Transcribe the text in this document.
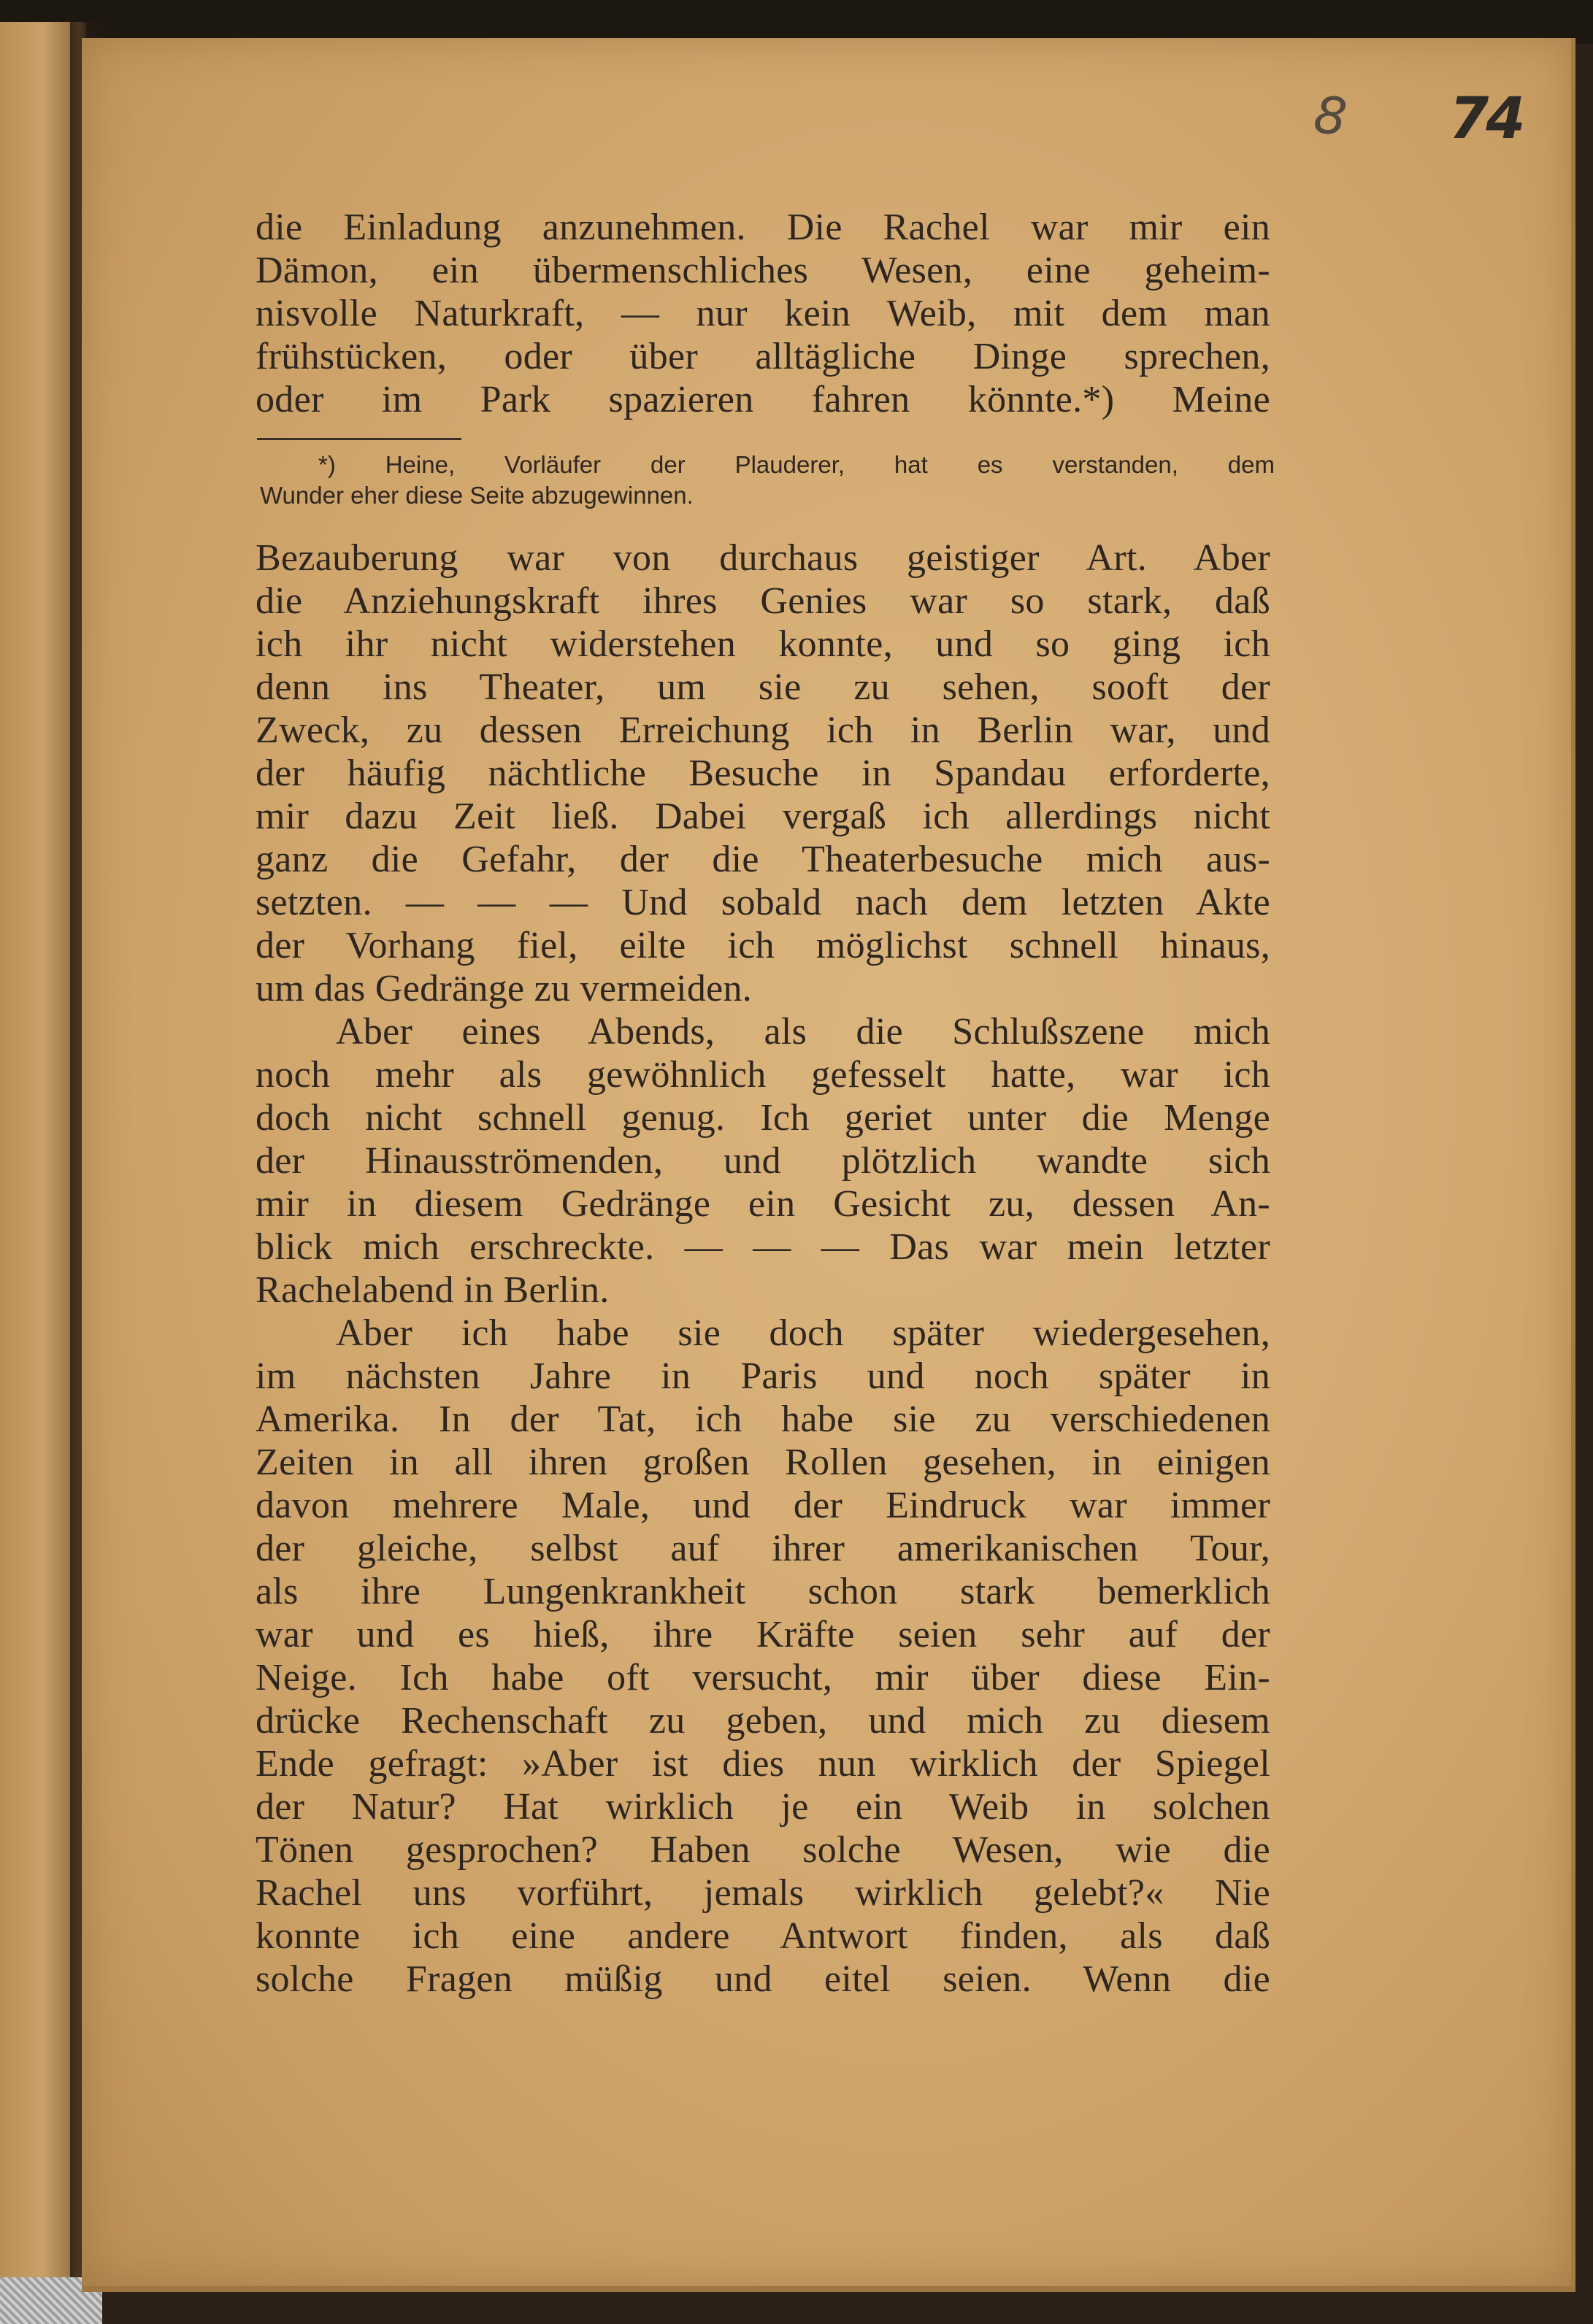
8 74
die Einladung anzunehmen. Die Rachel war mir ein
Dämon, ein übermenschliches Wesen, eine geheim-
nisvolle Naturkraft, — nur kein Weib, mit dem man
frühstücken, oder über alltägliche Dinge sprechen,
oder im Park spazieren fahren könnte.*) Meine
*) Heine, Vorläufer der Plauderer, hat es verstanden, dem
Wunder eher diese Seite abzugewinnen.
Bezauberung war von durchaus geistiger Art. Aber
die Anziehungskraft ihres Genies war so stark, daß
ich ihr nicht widerstehen konnte, und so ging ich
denn ins Theater, um sie zu sehen, sooft der
Zweck, zu dessen Erreichung ich in Berlin war, und
der häufig nächtliche Besuche in Spandau erforderte,
mir dazu Zeit ließ. Dabei vergaß ich allerdings nicht
ganz die Gefahr, der die Theaterbesuche mich aus-
setzten. — — — Und sobald nach dem letzten Akte
der Vorhang fiel, eilte ich möglichst schnell hinaus,
um das Gedränge zu vermeiden.
Aber eines Abends, als die Schlußszene mich
noch mehr als gewöhnlich gefesselt hatte, war ich
doch nicht schnell genug. Ich geriet unter die Menge
der Hinausströmenden, und plötzlich wandte sich
mir in diesem Gedränge ein Gesicht zu, dessen An-
blick mich erschreckte. — — — Das war mein letzter
Rachelabend in Berlin.
Aber ich habe sie doch später wiedergesehen,
im nächsten Jahre in Paris und noch später in
Amerika. In der Tat, ich habe sie zu verschiedenen
Zeiten in all ihren großen Rollen gesehen, in einigen
davon mehrere Male, und der Eindruck war immer
der gleiche, selbst auf ihrer amerikanischen Tour,
als ihre Lungenkrankheit schon stark bemerklich
war und es hieß, ihre Kräfte seien sehr auf der
Neige. Ich habe oft versucht, mir über diese Ein-
drücke Rechenschaft zu geben, und mich zu diesem
Ende gefragt: »Aber ist dies nun wirklich der Spiegel
der Natur? Hat wirklich je ein Weib in solchen
Tönen gesprochen? Haben solche Wesen, wie die
Rachel uns vorführt, jemals wirklich gelebt?« Nie
konnte ich eine andere Antwort finden, als daß
solche Fragen müßig und eitel seien. Wenn die
